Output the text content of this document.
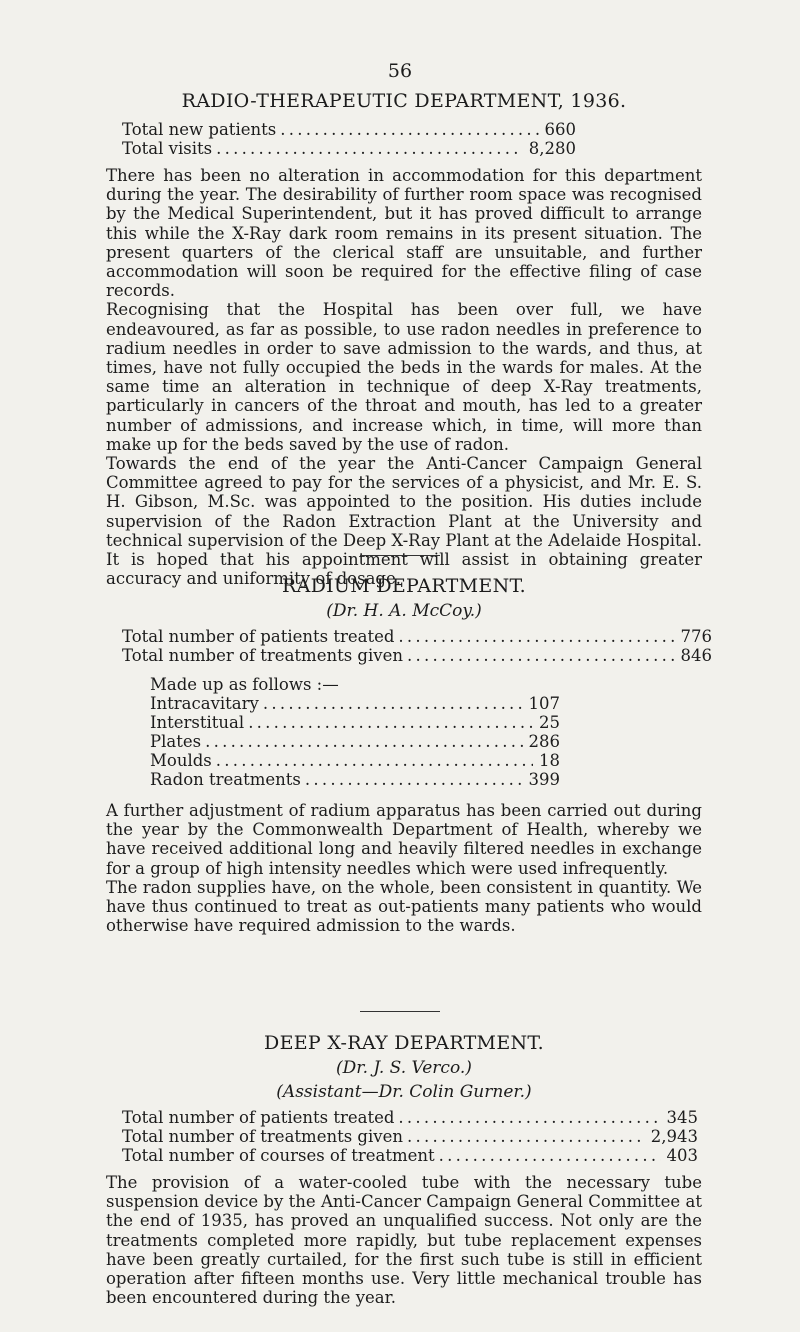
56

RADIO-THERAPEUTIC DEPARTMENT, 1936.

Total new patients . . .	660
Total visits . . .	8,280

There has been no alteration in accommodation for this department during the year. The desirability of further room space was recognised by the Medical Superintendent, but it has proved difficult to arrange this while the X-Ray dark room remains in its present situation. The present quarters of the clerical staff are unsuitable, and further accommodation will soon be required for the effective filing of case records.

Recognising that the Hospital has been over full, we have endeavoured, as far as possible, to use radon needles in preference to radium needles in order to save admission to the wards, and thus, at times, have not fully occupied the beds in the wards for males. At the same time an alteration in technique of deep X-Ray treatments, particularly in cancers of the throat and mouth, has led to a greater number of admissions, and increase which, in time, will more than make up for the beds saved by the use of radon.

Towards the end of the year the Anti-Cancer Campaign General Committee agreed to pay for the services of a physicist, and Mr. E. S. H. Gibson, M.Sc. was appointed to the position. His duties include supervision of the Radon Extraction Plant at the University and technical supervision of the Deep X-Ray Plant at the Adelaide Hospital. It is hoped that his appointment will assist in obtaining greater accuracy and uniformity of dosage.

RADIUM DEPARTMENT.

(Dr. H. A. McCoy.)

Total number of patients treated . . .	776
Total number of treatments given . . .	846
Made up as follows :—
Intracavitary . . .	107
Interstitual . . .	25
Plates . . .	286
Moulds . . .	18
Radon treatments . . .	399

A further adjustment of radium apparatus has been carried out during the year by the Commonwealth Department of Health, whereby we have received additional long and heavily filtered needles in exchange for a group of high intensity needles which were used infrequently.

The radon supplies have, on the whole, been consistent in quantity. We have thus continued to treat as out-patients many patients who would otherwise have required admission to the wards.

DEEP X-RAY DEPARTMENT.

(Dr. J. S. Verco.)

(Assistant—Dr. Colin Gurner.)

Total number of patients treated . . .	345
Total number of treatments given . . .	2,943
Total number of courses of treatment . . .	403

The provision of a water-cooled tube with the necessary tube suspension device by the Anti-Cancer Campaign General Committee at the end of 1935, has proved an unqualified success. Not only are the treatments completed more rapidly, but tube replacement expenses have been greatly curtailed, for the first such tube is still in efficient operation after fifteen months use. Very little mechanical trouble has been encountered during the year.
